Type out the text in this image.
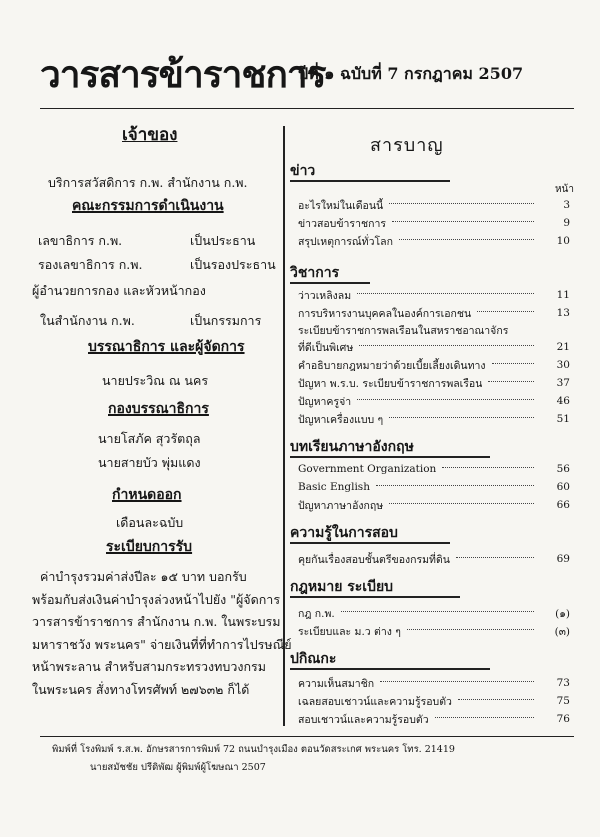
วารสารข้าราชการ
ปีที่ ๑ ฉบับที่ 7 กรกฎาคม 2507
เจ้าของ
บริการสวัสดิการ ก.พ. สำนักงาน ก.พ.
คณะกรรมการดำเนินงาน
เลขาธิการ ก.พ.	เป็นประธาน
รองเลขาธิการ ก.พ.	เป็นรองประธาน
ผู้อำนวยการกอง และหัวหน้ากอง
ในสำนักงาน ก.พ.	เป็นกรรมการ
บรรณาธิการ และผู้จัดการ
นายประวิณ ณ นคร
กองบรรณาธิการ
นายโสภัค สุวรัตถุล
นายสายบัว พุ่มแดง
กำหนดออก
เดือนละฉบับ
ระเบียบการรับ
ค่าบำรุงรวมค่าส่งปีละ ๑๕ บาท บอกรับ
พร้อมกับส่งเงินค่าบำรุงล่วงหน้าไปยัง "ผู้จัดการ
วารสารข้าราชการ สำนักงาน ก.พ. ในพระบรม
มหาราชวัง พระนคร" จ่ายเงินที่ที่ทำการไปรษณีย์
หน้าพระลาน สำหรับสามกระทรวงทบวงกรม
ในพระนคร สั่งทางโทรศัพท์ ๒๗๖๓๒ ก็ได้
สารบาญ
ข่าว
หน้า
อะไรใหม่ในเดือนนี้	3
ข่าวสอบข้าราชการ	9
สรุปเหตุการณ์ทั่วโลก	10
วิชาการ
ว่าวเหลิงลม	11
การบริหารงานบุคคลในองค์การเอกชน	13
ระเบียบข้าราชการพลเรือนในสหราชอาณาจักร
ที่ดีเป็นพิเศษ	21
คำอธิบายกฎหมายว่าด้วยเบี้ยเลี้ยงเดินทาง	30
ปัญหา พ.ร.บ. ระเบียบข้าราชการพลเรือน	37
ปัญหาครูจ่า	46
ปัญหาเครื่องแบบ ๆ	51
บทเรียนภาษาอังกฤษ
Government Organization	56
Basic English	60
ปัญหาภาษาอังกฤษ	66
ความรู้ในการสอบ
คุยกันเรื่องสอบชั้นตรีของกรมที่ดิน	69
กฎหมาย ระเบียบ
กฎ ก.พ.	(๑)
ระเบียบและ ม.ว ต่าง ๆ	(๓)
ปกิณกะ
ความเห็นสมาชิก	73
เฉลยสอบเชาวน์และความรู้รอบตัว	75
สอบเชาวน์และความรู้รอบตัว	76
พิมพ์ที่ โรงพิมพ์ ร.ส.พ. อักษรสารการพิมพ์ 72 ถนนบำรุงเมือง ตอนวัดสระเกศ พระนคร โทร. 21419
นายสมัชชัย ปรีดิพัฒ ผู้พิมพ์ผู้โฆษณา 2507
